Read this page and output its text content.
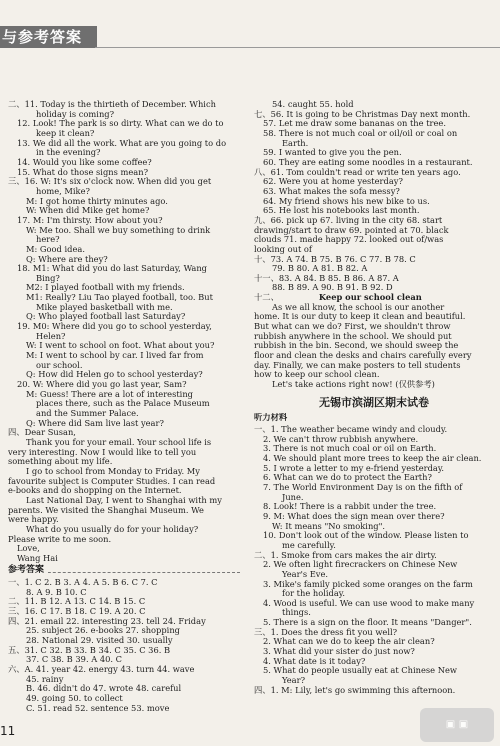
与参考答案
二、11. Today is the thirtieth of December. Which
holiday is coming?
12. Look! The park is so dirty. What can we do to
keep it clean?
13. We did all the work. What are you going to do
in the evening?
14. Would you like some coffee?
15. What do those signs mean?
三、16. W: It's six o'clock now. When did you get
home, Mike?
M: I got home thirty minutes ago.
W: When did Mike get home?
17. M: I'm thirsty. How about you?
W: Me too. Shall we buy something to drink
here?
M: Good idea.
Q: Where are they?
18. M1: What did you do last Saturday, Wang
Bing?
M2: I played football with my friends.
M1: Really? Liu Tao played football, too. But
Mike played basketball with me.
Q: Who played football last Saturday?
19. M0: Where did you go to school yesterday,
Helen?
W: I went to school on foot. What about you?
M: I went to school by car. I lived far from
our school.
Q: How did Helen go to school yesterday?
20. W: Where did you go last year, Sam?
M: Guess! There are a lot of interesting
places there, such as the Palace Museum
and the Summer Palace.
Q: Where did Sam live last year?
四、Dear Susan,
Thank you for your email. Your school life is
very interesting. Now I would like to tell you
something about my life.
I go to school from Monday to Friday. My
favourite subject is Computer Studies. I can read
e-books and do shopping on the Internet.
Last National Day, I went to Shanghai with my
parents. We visited the Shanghai Museum. We
were happy.
What do you usually do for your holiday?
Please write to me soon.
Love,
Wang Hai
参考答案
一、1. C 2. B 3. A 4. A 5. B 6. C 7. C
8. A 9. B 10. C
二、11. B 12. A 13. C 14. B 15. C
三、16. C 17. B 18. C 19. A 20. C
四、21. email 22. interesting 23. tell 24. Friday
25. subject 26. e-books 27. shopping
28. National 29. visited 30. usually
五、31. C 32. B 33. B 34. C 35. C 36. B
37. C 38. B 39. A 40. C
六、A. 41. year 42. energy 43. turn 44. wave
45. rainy
B. 46. didn't do 47. wrote 48. careful
49. going 50. to collect
C. 51. read 52. sentence 53. move
54. caught 55. hold
七、56. It is going to be Christmas Day next month.
57. Let me draw some bananas on the tree.
58. There is not much coal or oil/oil or coal on
Earth.
59. I wanted to give you the pen.
60. They are eating some noodles in a restaurant.
八、61. Tom couldn't read or write ten years ago.
62. Were you at home yesterday?
63. What makes the sofa messy?
64. My friend shows his new bike to us.
65. He lost his notebooks last month.
九、66. pick up 67. living in the city 68. start
drawing/start to draw 69. pointed at 70. black
clouds 71. made happy 72. looked out of/was
looking out of
十、73. A 74. B 75. B 76. C 77. B 78. C
79. B 80. A 81. B 82. A
十一、83. A 84. B 85. B 86. A 87. A
88. B 89. A 90. B 91. B 92. D
十二、	Keep our school clean
As we all know, the school is our another
home. It is our duty to keep it clean and beautiful.
But what can we do? First, we shouldn't throw
rubbish anywhere in the school. We should put
rubbish in the bin. Second, we should sweep the
floor and clean the desks and chairs carefully every
day. Finally, we can make posters to tell students
how to keep our school clean.
Let's take actions right now! (仅供参考)
无锡市滨湖区期末试卷
听力材料
一、1. The weather became windy and cloudy.
2. We can't throw rubbish anywhere.
3. There is not much coal or oil on Earth.
4. We should plant more trees to keep the air clean.
5. I wrote a letter to my e-friend yesterday.
6. What can we do to protect the Earth?
7. The World Environment Day is on the fifth of
June.
8. Look! There is a rabbit under the tree.
9. M: What does the sign mean over there?
W: It means "No smoking".
10. Don't look out of the window. Please listen to
me carefully.
二、1. Smoke from cars makes the air dirty.
2. We often light firecrackers on Chinese New
Year's Eve.
3. Mike's family picked some oranges on the farm
for the holiday.
4. Wood is useful. We can use wood to make many
things.
5. There is a sign on the floor. It means "Danger".
三、1. Does the dress fit you well?
2. What can we do to keep the air clean?
3. What did your sister do just now?
4. What date is it today?
5. What do people usually eat at Chinese New
Year?
四、1. M: Lily, let's go swimming this afternoon.
11	▣ ▣
